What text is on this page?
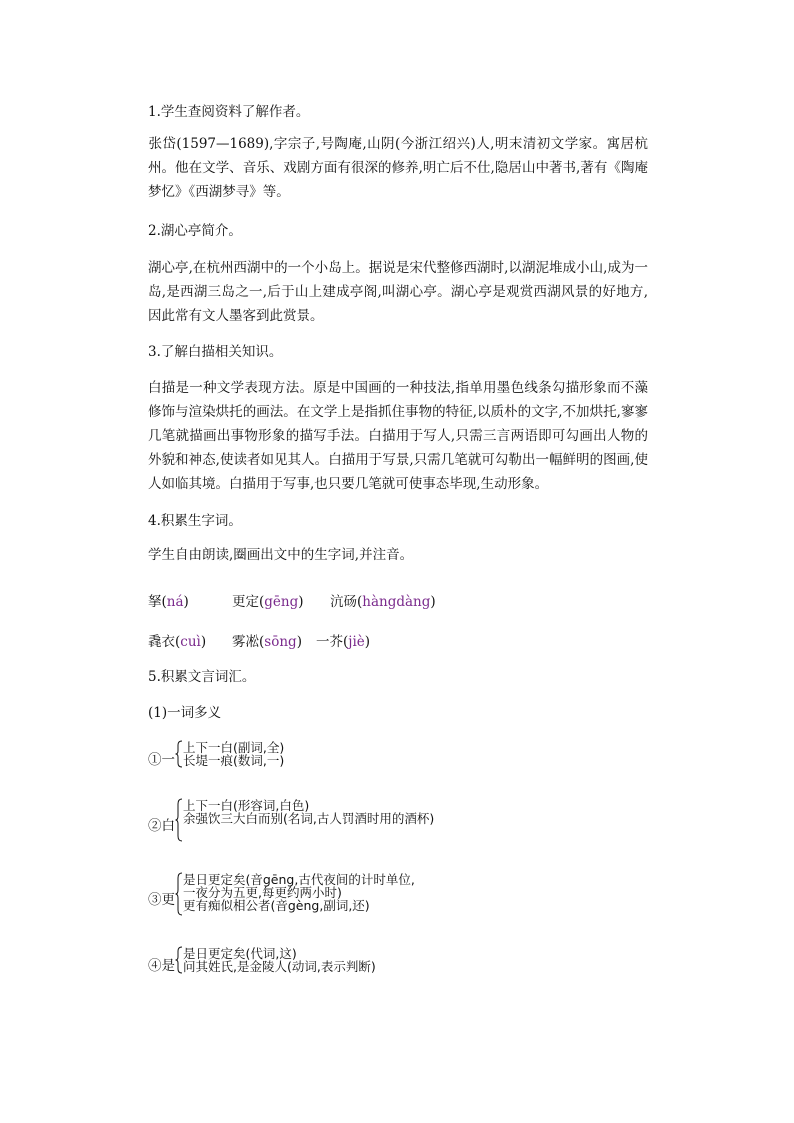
1.学生查阅资料了解作者。
张岱(1597—1689),字宗子,号陶庵,山阴(今浙江绍兴)人,明末清初文学家。寓居杭州。他在文学、音乐、戏剧方面有很深的修养,明亡后不仕,隐居山中著书,著有《陶庵梦忆》《西湖梦寻》等。
2.湖心亭简介。
湖心亭,在杭州西湖中的一个小岛上。据说是宋代整修西湖时,以湖泥堆成小山,成为一岛,是西湖三岛之一,后于山上建成亭阁,叫湖心亭。湖心亭是观赏西湖风景的好地方,因此常有文人墨客到此赏景。
3.了解白描相关知识。
白描是一种文学表现方法。原是中国画的一种技法,指单用墨色线条勾描形象而不藻修饰与渲染烘托的画法。在文学上是指抓住事物的特征,以质朴的文字,不加烘托,寥寥几笔就描画出事物形象的描写手法。白描用于写人,只需三言两语即可勾画出人物的外貌和神态,使读者如见其人。白描用于写景,只需几笔就可勾勒出一幅鲜明的图画,使人如临其境。白描用于写事,也只要几笔就可使事态毕现,生动形象。
4.积累生字词。
学生自由朗读,圈画出文中的生字词,并注音。
拏(ná)	更定(gēng) 沆砀(hàngdàng)
毳衣(cuì) 雾凇(sōng) 一芥(jiè)
5.积累文言词汇。
(1)一词多义
①一
上下一白(副词,全)
长堤一痕(数词,一)
②白
上下一白(形容词,白色)
余强饮三大白而别(名词,古人罚酒时用的酒杯)
③更
是日更定矣(音gēng,古代夜间的计时单位,
一夜分为五更,每更约两小时)
更有痴似相公者(音gèng,副词,还)
④是
是日更定矣(代词,这)
问其姓氏,是金陵人(动词,表示判断)
